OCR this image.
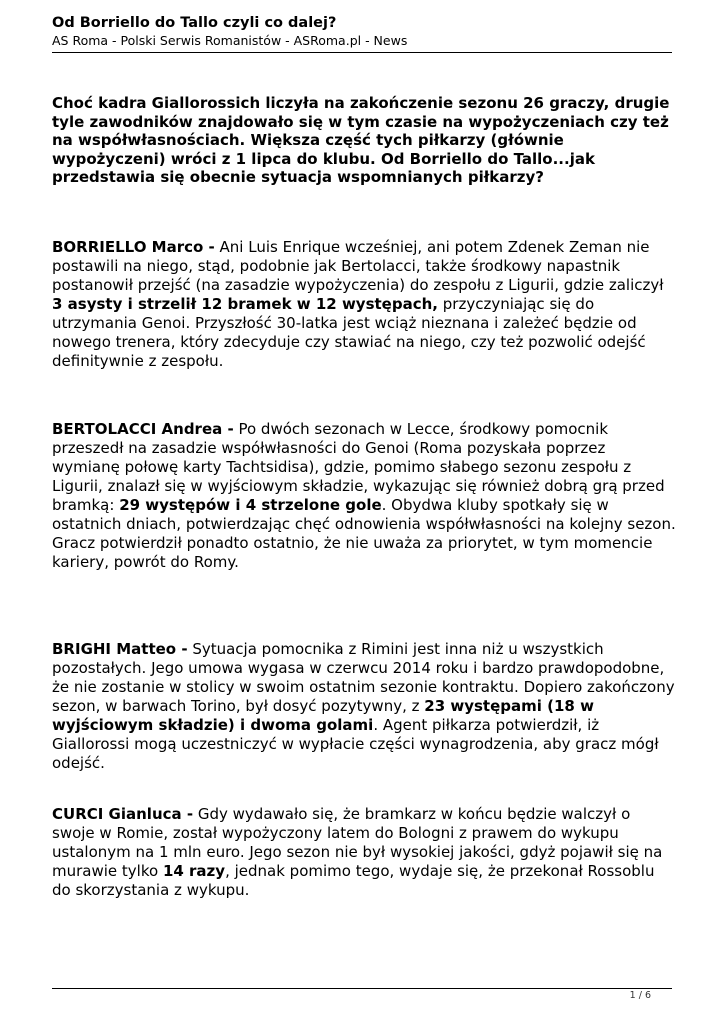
Od Borriello do Tallo czyli co dalej?
AS Roma - Polski Serwis Romanistów - ASRoma.pl - News
Choć kadra Giallorossich liczyła na zakończenie sezonu 26 graczy, drugie tyle zawodników znajdowało się w tym czasie na wypożyczeniach czy też na współwłasnościach. Większa część tych piłkarzy (głównie wypożyczeni) wróci z 1 lipca do klubu. Od Borriello do Tallo...jak przedstawia się obecnie sytuacja wspomnianych piłkarzy?
BORRIELLO Marco - Ani Luis Enrique wcześniej, ani potem Zdenek Zeman nie postawili na niego, stąd, podobnie jak Bertolacci, także środkowy napastnik postanowił przejść (na zasadzie wypożyczenia) do zespołu z Ligurii, gdzie zaliczył 3 asysty i strzelił 12 bramek w 12 występach, przyczyniając się do utrzymania Genoi. Przyszłość 30-latka jest wciąż nieznana i zależeć będzie od nowego trenera, który zdecyduje czy stawiać na niego, czy też pozwolić odejść definitywnie z zespołu.
BERTOLACCI Andrea - Po dwóch sezonach w Lecce, środkowy pomocnik przeszedł na zasadzie współwłasności do Genoi (Roma pozyskała poprzez wymianę połowę karty Tachtsidisa), gdzie, pomimo słabego sezonu zespołu z Ligurii, znalazł się w wyjściowym składzie, wykazując się również dobrą grą przed bramką: 29 występów i 4 strzelone gole. Obydwa kluby spotkały się w ostatnich dniach, potwierdzając chęć odnowienia współwłasności na kolejny sezon. Gracz potwierdził ponadto ostatnio, że nie uważa za priorytet, w tym momencie kariery, powrót do Romy.
BRIGHI Matteo - Sytuacja pomocnika z Rimini jest inna niż u wszystkich pozostałych. Jego umowa wygasa w czerwcu 2014 roku i bardzo prawdopodobne, że nie zostanie w stolicy w swoim ostatnim sezonie kontraktu. Dopiero zakończony sezon, w barwach Torino, był dosyć pozytywny, z 23 występami (18 w wyjściowym składzie) i dwoma golami. Agent piłkarza potwierdził, iż Giallorossi mogą uczestniczyć w wypłacie części wynagrodzenia, aby gracz mógł odejść.
CURCI Gianluca - Gdy wydawało się, że bramkarz w końcu będzie walczył o swoje w Romie, został wypożyczony latem do Bologni z prawem do wykupu ustalonym na 1 mln euro. Jego sezon nie był wysokiej jakości, gdyż pojawił się na murawie tylko 14 razy, jednak pomimo tego, wydaje się, że przekonał Rossoblu do skorzystania z wykupu.
1 / 6
